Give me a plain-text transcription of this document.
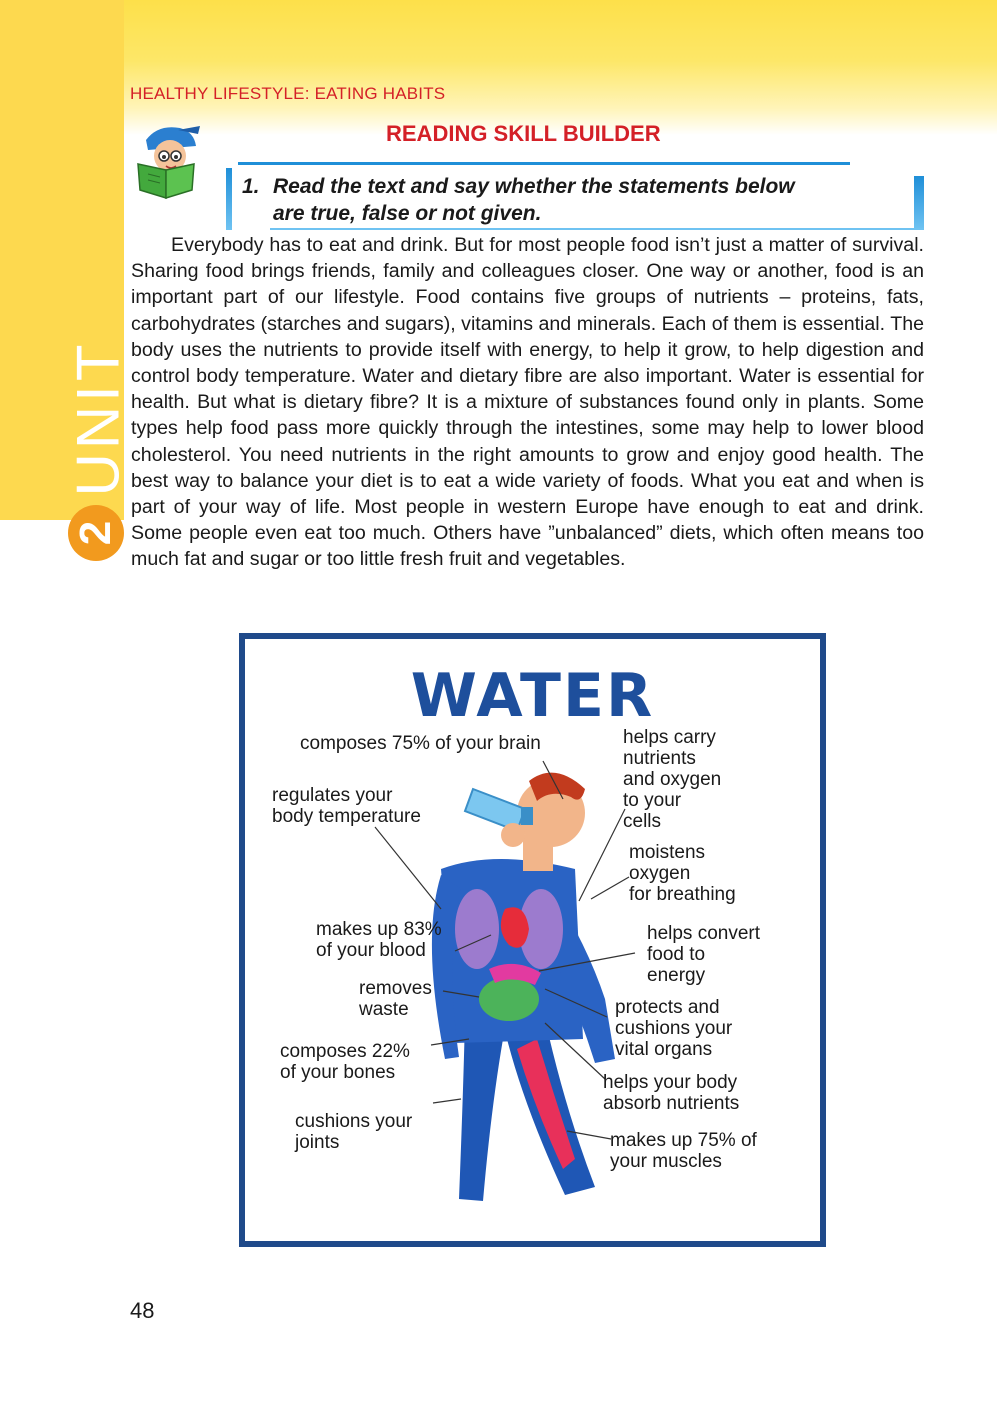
UNIT
2
HEALTHY LIFESTYLE: EATING HABITS
READING SKILL BUILDER
1. Read the text and say whether the statements below
are true, false or not given.

Everybody has to eat and drink. But for most people food isn’t just a matter of survival. Sharing food brings friends, family and colleagues closer. One way or another, food is an important part of our lifestyle. Food contains five groups of nutrients – proteins, fats, carbohydrates (starches and sugars), vitamins and minerals. Each of them is essential. The body uses the nutrients to provide itself with energy, to help it grow, to help digestion and control body temperature. Water and dietary fibre are also important. Water is essential for health. But what is dietary fibre? It is a mixture of substances found only in plants. Some types help food pass more quickly through the intestines, some may help to lower blood cholesterol. You need nutrients in the right amounts to grow and enjoy good health. The best way to balance your diet is to eat a wide variety of foods. What you eat and when is part of your way of life. Most people in western Europe have enough to eat and drink. Some people even eat too much. Others have ”unbalanced” diets, which often means too much fat and sugar or too little fresh fruit and vegetables.

WATER
composes 75% of your brain
regulates your
body temperature
makes up 83%
of your blood
removes
waste
composes 22%
of your bones
cushions your
joints
helps carry
nutrients
and oxygen
to your
cells
moistens
oxygen
for breathing
helps convert
food to
energy
protects and
cushions your
vital organs
helps your body
absorb nutrients
makes up 75% of
your muscles
48
